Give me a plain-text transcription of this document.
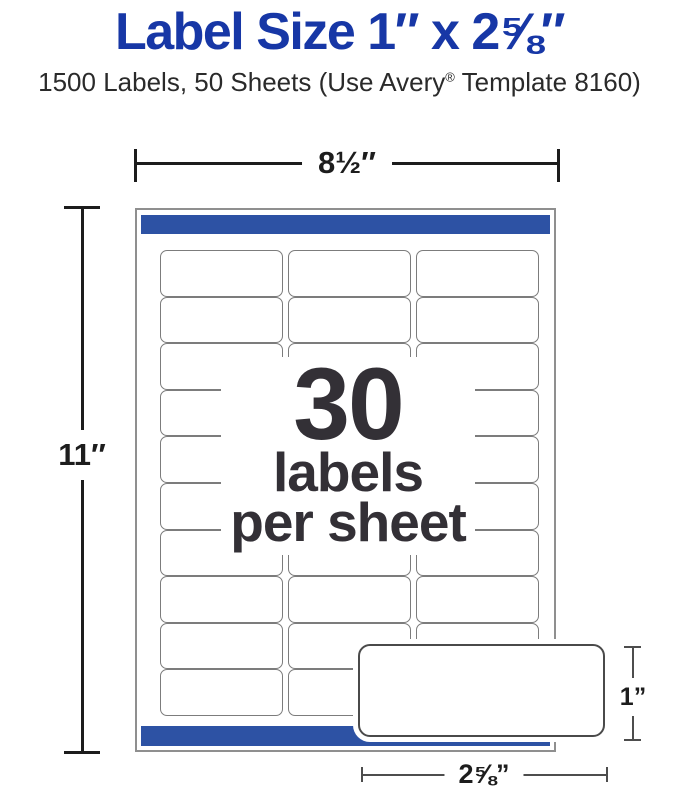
Label Size 1″ x 2⅝″
1500 Labels, 50 Sheets (Use Avery® Template 8160)
8½″
11″	30
labels
per sheet
1”
2⅝”
